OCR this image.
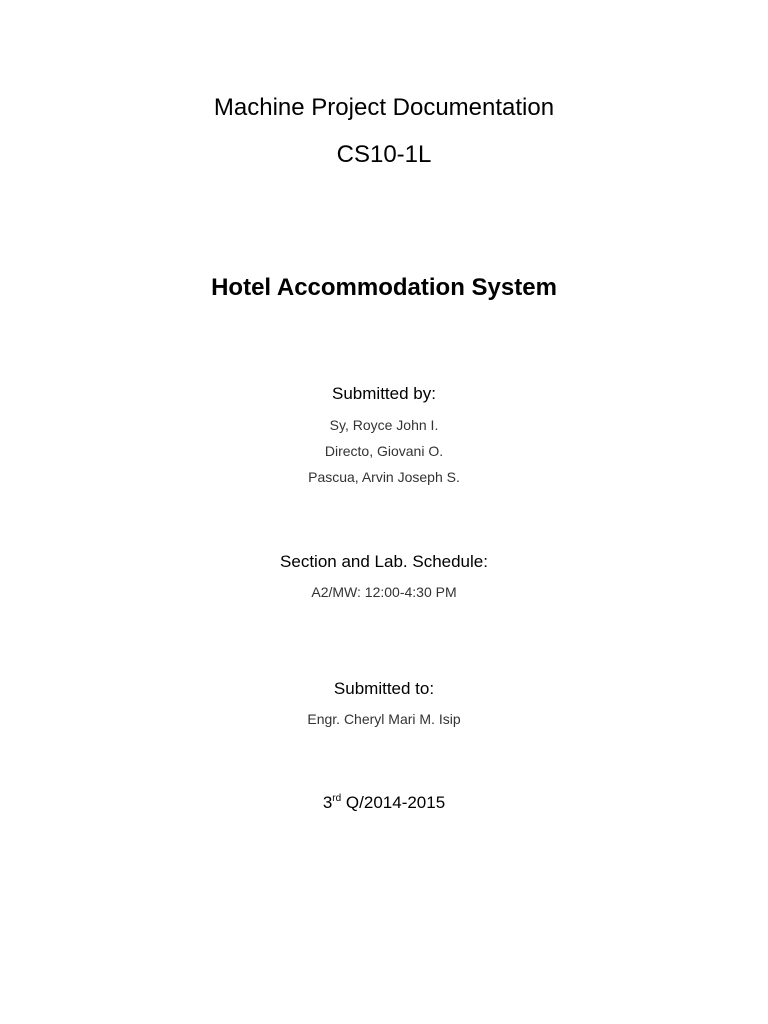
Machine Project Documentation
CS10-1L
Hotel Accommodation System
Submitted by:
Sy, Royce John I.
Directo, Giovani O.
Pascua, Arvin Joseph S.
Section and Lab. Schedule:
A2/MW: 12:00-4:30 PM
Submitted to:
Engr. Cheryl Mari M. Isip
3rd Q/2014-2015
